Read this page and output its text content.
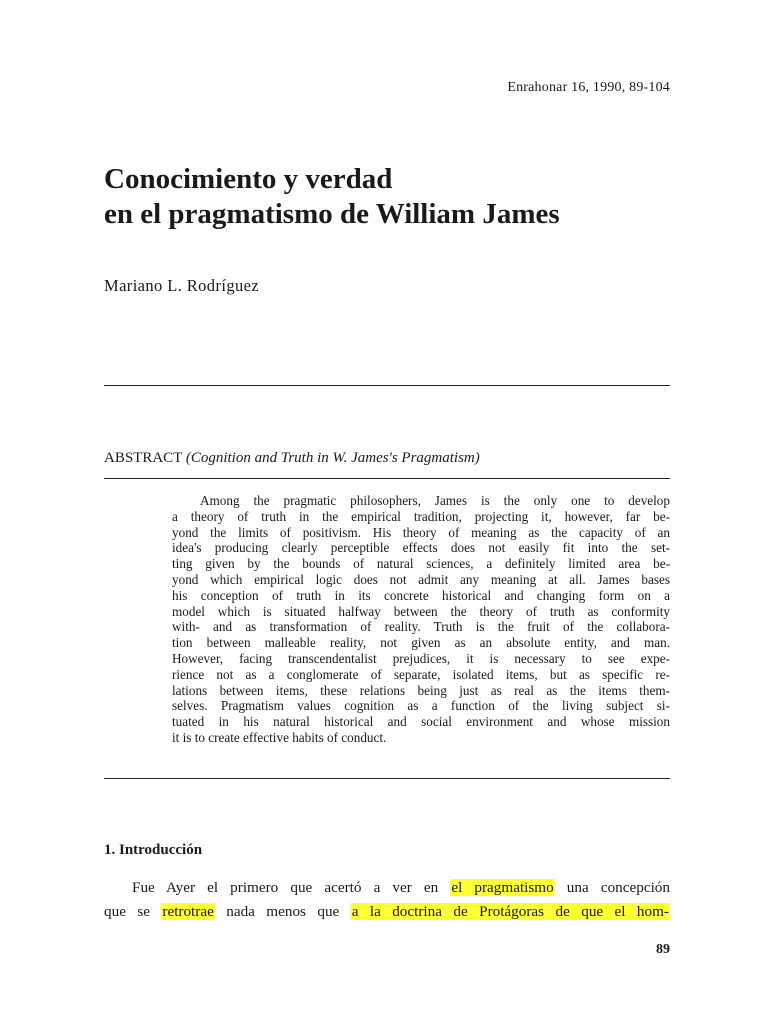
Enrahonar 16, 1990, 89-104
Conocimiento y verdad
en el pragmatismo de William James
Mariano L. Rodríguez
ABSTRACT (Cognition and Truth in W. James's Pragmatism)

Among the pragmatic philosophers, James is the only one to develop
a theory of truth in the empirical tradition, projecting it, however, far be-
yond the limits of positivism. His theory of meaning as the capacity of an
idea's producing clearly perceptible effects does not easily fit into the set-
ting given by the bounds of natural sciences, a definitely limited area be-
yond which empirical logic does not admit any meaning at all. James bases
his conception of truth in its concrete historical and changing form on a
model which is situated halfway between the theory of truth as conformity
with- and as transformation of reality. Truth is the fruit of the collabora-
tion between malleable reality, not given as an absolute entity, and man.
However, facing transcendentalist prejudices, it is necessary to see expe-
rience not as a conglomerate of separate, isolated items, but as specific re-
lations between items, these relations being just as real as the items them-
selves. Pragmatism values cognition as a function of the living subject si-
tuated in his natural historical and social environment and whose mission
it is to create effective habits of conduct.

1. Introducción

Fue Ayer el primero que acertó a ver en el pragmatismo una concepción
que se retrotrae nada menos que a la doctrina de Protágoras de que el hom-

89
